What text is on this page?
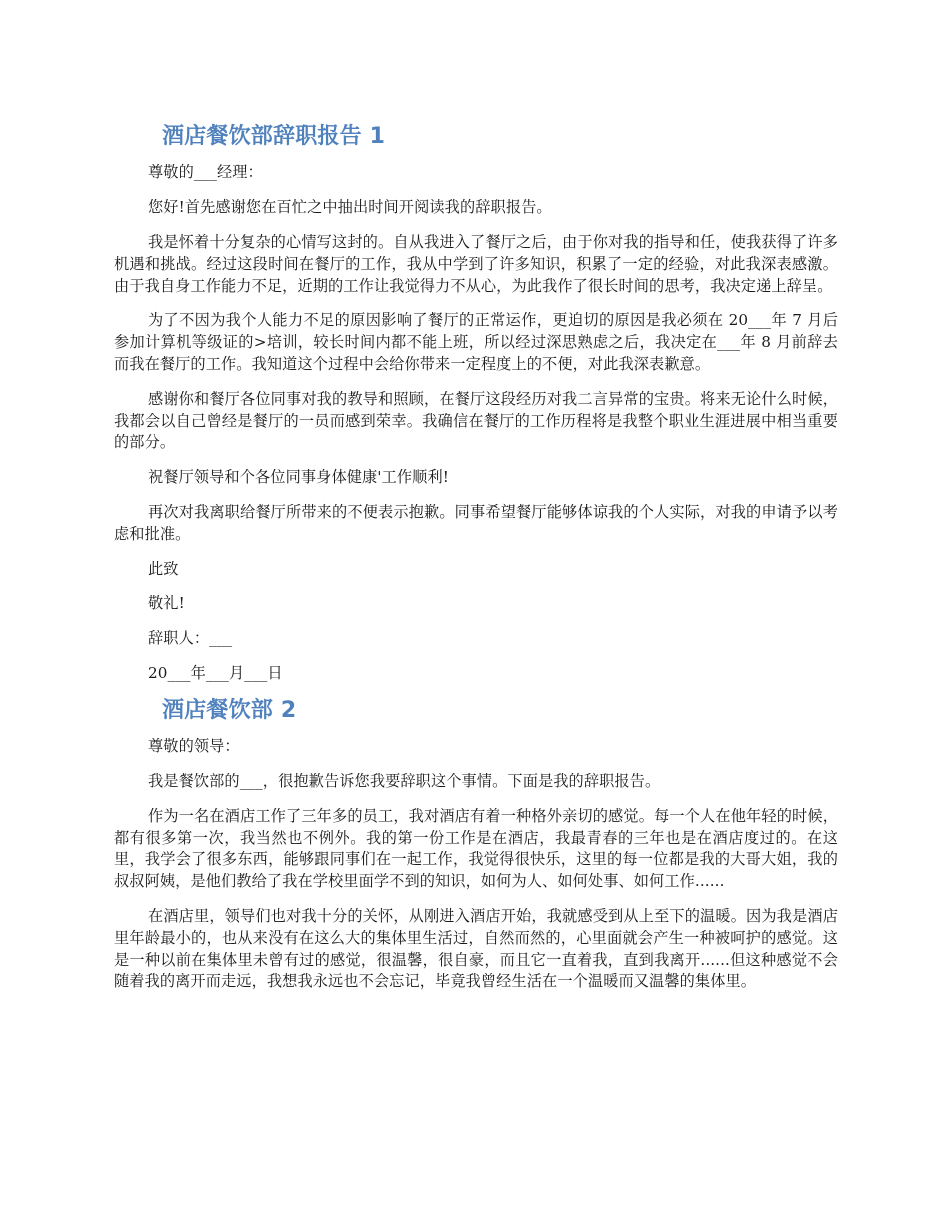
酒店餐饮部辞职报告 1

尊敬的___经理：

您好!首先感谢您在百忙之中抽出时间开阅读我的辞职报告。

我是怀着十分复杂的心情写这封的。自从我进入了餐厅之后，由于你对我的指导和任，使我获得了许多机遇和挑战。经过这段时间在餐厅的工作，我从中学到了许多知识，积累了一定的经验，对此我深表感激。由于我自身工作能力不足，近期的工作让我觉得力不从心，为此我作了很长时间的思考，我决定递上辞呈。

为了不因为我个人能力不足的原因影响了餐厅的正常运作，更迫切的原因是我必须在 20___年 7 月后参加计算机等级证的>培训，较长时间内都不能上班，所以经过深思熟虑之后，我决定在___年 8 月前辞去而我在餐厅的工作。我知道这个过程中会给你带来一定程度上的不便，对此我深表歉意。

感谢你和餐厅各位同事对我的教导和照顾，在餐厅这段经历对我二言异常的宝贵。将来无论什么时候，我都会以自己曾经是餐厅的一员而感到荣幸。我确信在餐厅的工作历程将是我整个职业生涯进展中相当重要的部分。

祝餐厅领导和个各位同事身体健康'工作顺利!

再次对我离职给餐厅所带来的不便表示抱歉。同事希望餐厅能够体谅我的个人实际，对我的申请予以考虑和批准。

此致

敬礼!

辞职人：___

20___年___月___日

酒店餐饮部 2

尊敬的领导：

我是餐饮部的___，很抱歉告诉您我要辞职这个事情。下面是我的辞职报告。

作为一名在酒店工作了三年多的员工，我对酒店有着一种格外亲切的感觉。每一个人在他年轻的时候，都有很多第一次，我当然也不例外。我的第一份工作是在酒店，我最青春的三年也是在酒店度过的。在这里，我学会了很多东西，能够跟同事们在一起工作，我觉得很快乐，这里的每一位都是我的大哥大姐，我的叔叔阿姨，是他们教给了我在学校里面学不到的知识，如何为人、如何处事、如何工作......

在酒店里，领导们也对我十分的关怀，从刚进入酒店开始，我就感受到从上至下的温暖。因为我是酒店里年龄最小的，也从来没有在这么大的集体里生活过，自然而然的，心里面就会产生一种被呵护的感觉。这是一种以前在集体里未曾有过的感觉，很温馨，很自豪，而且它一直着我，直到我离开......但这种感觉不会随着我的离开而走远，我想我永远也不会忘记，毕竟我曾经生活在一个温暖而又温馨的集体里。
